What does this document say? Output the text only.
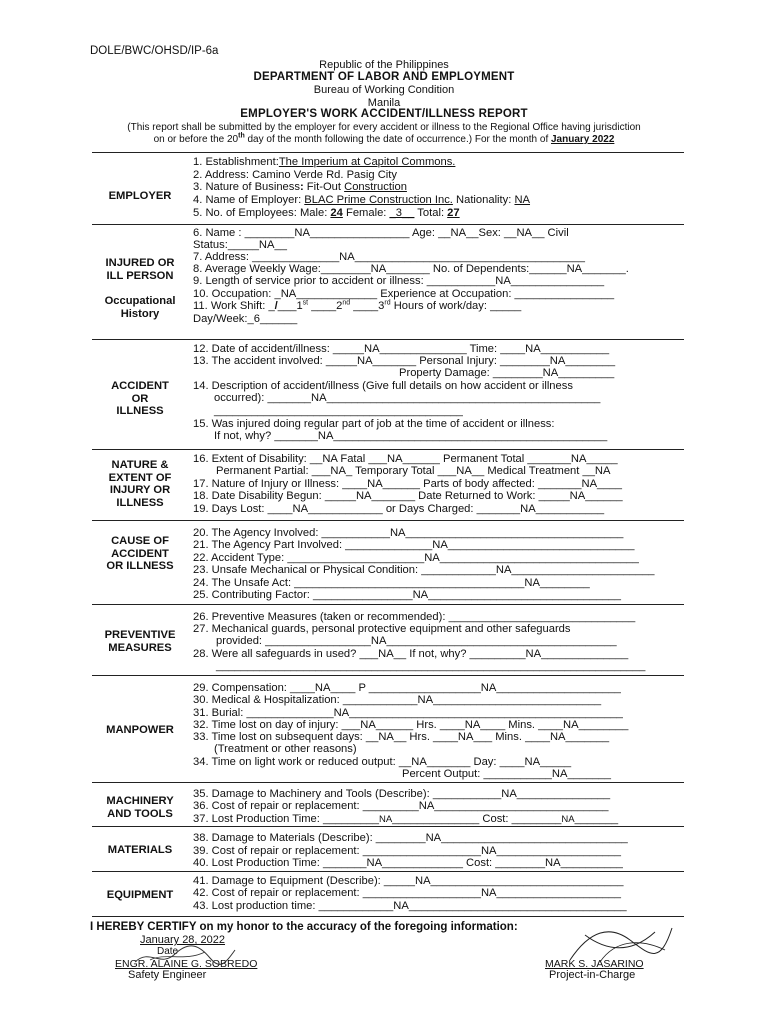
DOLE/BWC/OHSD/IP-6a
Republic of the Philippines
DEPARTMENT OF LABOR AND EMPLOYMENT
Bureau of Working Condition
Manila
EMPLOYER'S WORK ACCIDENT/ILLNESS REPORT
(This report shall be submitted by the employer for every accident or illness to the Regional Office having jurisdiction
on or before the 20th day of the month following the date of occurrence.) For the month of January 2022
EMPLOYER
1. Establishment:The Imperium at Capitol Commons.
2. Address: Camino Verde Rd. Pasig City
3. Nature of Business: Fit-Out Construction
4. Name of Employer: BLAC Prime Construction Inc. Nationality: NA
5. No. of Employees: Male: 24 Female: _3__ Total: 27
INJURED OR
ILL PERSON
Occupational
History
6. Name : ________NA________________ Age: __NA__Sex: __NA__ Civil
Status:_____NA__
7. Address: ______________NA_____________________________________
8. Average Weekly Wage:________NA_______ No. of Dependents:______NA_______.
9. Length of service prior to accident or illness: ___________NA_______________
10. Occupation: _NA_____________ Experience at Occupation: ________________
11. Work Shift: _/___1st ____2nd ____3rd Hours of work/day: _____
Day/Week:_6______
ACCIDENT
OR
ILLNESS
12. Date of accident/illness: _____NA______________ Time: ____NA___________
13. The accident involved: _____NA_______ Personal Injury: ________NA________
Property Damage: ________NA_________
14. Description of accident/illness (Give full details on how accident or illness
occurred): _______NA____________________________________________
________________________________________
15. Was injured doing regular part of job at the time of accident or illness:
If not, why? _______NA____________________________________________
NATURE &
EXTENT OF
INJURY OR
ILLNESS
16. Extent of Disability: __NA Fatal ___NA______ Permanent Total _______NA_____
Permanent Partial: ___NA_ Temporary Total ___NA__ Medical Treatment __NA
17. Nature of Injury or Illness: ____NA______ Parts of body affected: _______NA____
18. Date Disability Begun: _____NA_______ Date Returned to Work: _____NA______
19. Days Lost: ____NA____________ or Days Charged: _______NA___________
CAUSE OF
ACCIDENT
OR ILLNESS
20. The Agency Involved: ___________NA___________________________________
21. The Agency Part Involved: ______________NA______________________________
22. Accident Type: ______________________NA________________________________
23. Unsafe Mechanical or Physical Condition: ____________NA_______________________
24. The Unsafe Act: _____________________________________NA________
25. Contributing Factor: ________________NA_______________________________
PREVENTIVE
MEASURES
26. Preventive Measures (taken or recommended): ______________________________
27. Mechanical guards, personal protective equipment and other safeguards
provided: _________________NA_____________________________________
28. Were all safeguards in used? ___NA__ If not, why? _________NA______________
_____________________________________________________________________
MANPOWER
29. Compensation: ____NA____ P __________________NA____________________
30. Medical & Hospitalization: ____________NA___________________________
31. Burial: ______________NA____________________________________________
32. Time lost on day of injury: ___NA______ Hrs. ____NA____ Mins. ____NA________
33. Time lost on subsequent days: __NA__ Hrs. ____NA___ Mins. ____NA_______
(Treatment or other reasons)
34. Time on light work or reduced output: __NA_______ Day: ____NA_____
Percent Output: ___________NA_______
MACHINERY
AND TOOLS
35. Damage to Machinery and Tools (Describe): ___________NA_______________
36. Cost of repair or replacement: _________NA____________________________
37. Lost Production Time: _________NA______________ Cost: ________NA_______
MATERIALS
38. Damage to Materials (Describe): ________NA______________________________
39. Cost of repair or replacement: ___________________NA____________________
40. Lost Production Time: _______NA_____________ Cost: ________NA__________
EQUIPMENT
41. Damage to Equipment (Describe): _____NA_______________________________
42. Cost of repair or replacement: ___________________NA____________________
43. Lost production time: ____________NA___________________________________
I HEREBY CERTIFY on my honor to the accuracy of the foregoing information:
January 28, 2022
Date
ENGR. ALAINE G. SOBREDO
Safety Engineer
MARK S. JASARINO
Project-in-Charge
